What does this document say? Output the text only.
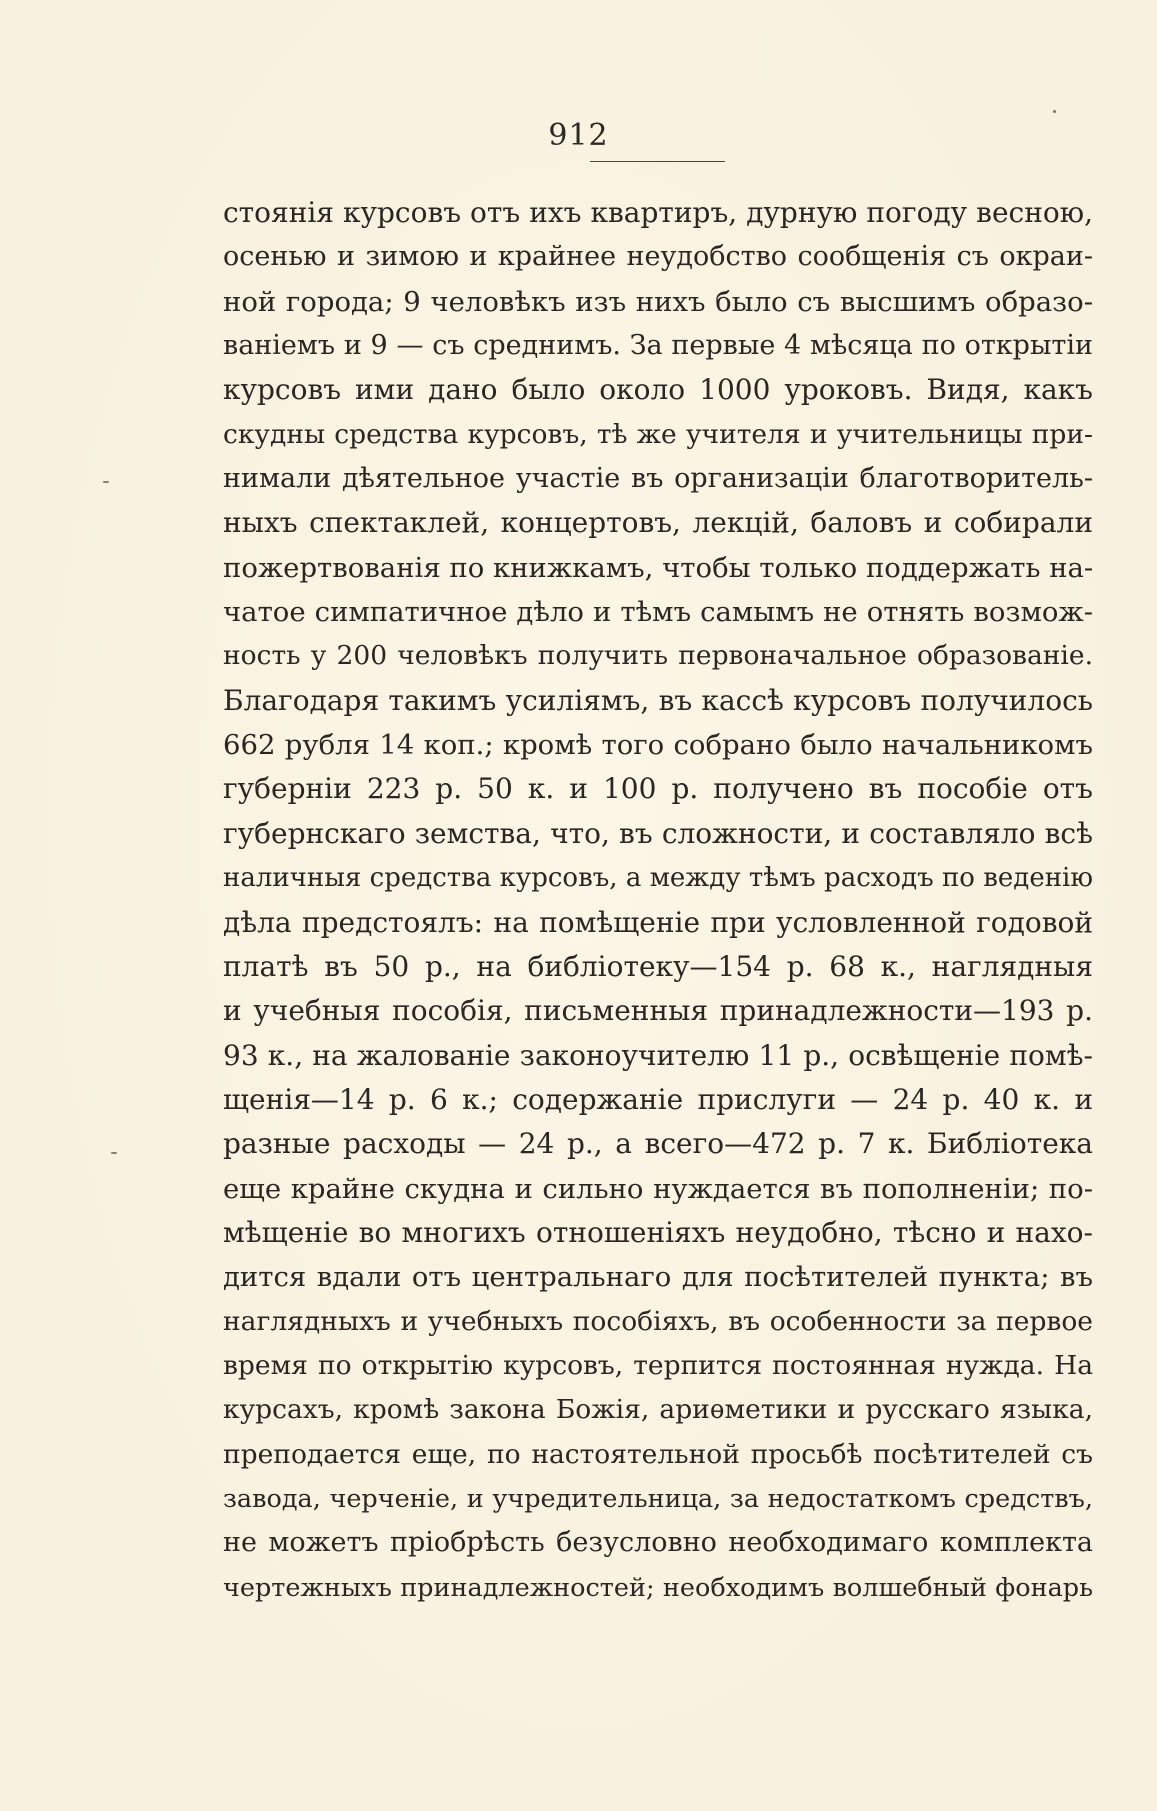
912
стоянія курсовъ отъ ихъ квартиръ, дурную погоду весною,
осенью и зимою и крайнее неудобство сообщенія съ окраи-
ной города; 9 человѣкъ изъ нихъ было съ высшимъ образо-
ваніемъ и 9 — съ среднимъ. За первые 4 мѣсяца по открытіи
курсовъ ими дано было около 1000 уроковъ. Видя, какъ
скудны средства курсовъ, тѣ же учителя и учительницы при-
нимали дѣятельное участіе въ организаціи благотворитель-
ныхъ спектаклей, концертовъ, лекцій, баловъ и собирали
пожертвованія по книжкамъ, чтобы только поддержать на-
чатое симпатичное дѣло и тѣмъ самымъ не отнять возмож-
ность у 200 человѣкъ получить первоначальное образованіе.
Благодаря такимъ усиліямъ, въ кассѣ курсовъ получилось
662 рубля 14 коп.; кромѣ того собрано было начальникомъ
губерніи 223 р. 50 к. и 100 р. получено въ пособіе отъ
губернскаго земства, что, въ сложности, и составляло всѣ
наличныя средства курсовъ, а между тѣмъ расходъ по веденію
дѣла предстоялъ: на помѣщеніе при условленной годовой
платѣ въ 50 р., на библіотеку—154 р. 68 к., наглядныя
и учебныя пособія, письменныя принадлежности—193 р.
93 к., на жалованіе законоучителю 11 р., освѣщеніе помѣ-
щенія—14 р. 6 к.; содержаніе прислуги — 24 р. 40 к. и
разные расходы — 24 р., а всего—472 р. 7 к. Библіотека
еще крайне скудна и сильно нуждается въ пополненіи; по-
мѣщеніе во многихъ отношеніяхъ неудобно, тѣсно и нахо-
дится вдали отъ центральнаго для посѣтителей пункта; въ
наглядныхъ и учебныхъ пособіяхъ, въ особенности за первое
время по открытію курсовъ, терпится постоянная нужда. На
курсахъ, кромѣ закона Божія, ариѳметики и русскаго языка,
преподается еще, по настоятельной просьбѣ посѣтителей съ
завода, черченіе, и учредительница, за недостаткомъ средствъ,
не можетъ пріобрѣсть безусловно необходимаго комплекта
чертежныхъ принадлежностей; необходимъ волшебный фонарь
